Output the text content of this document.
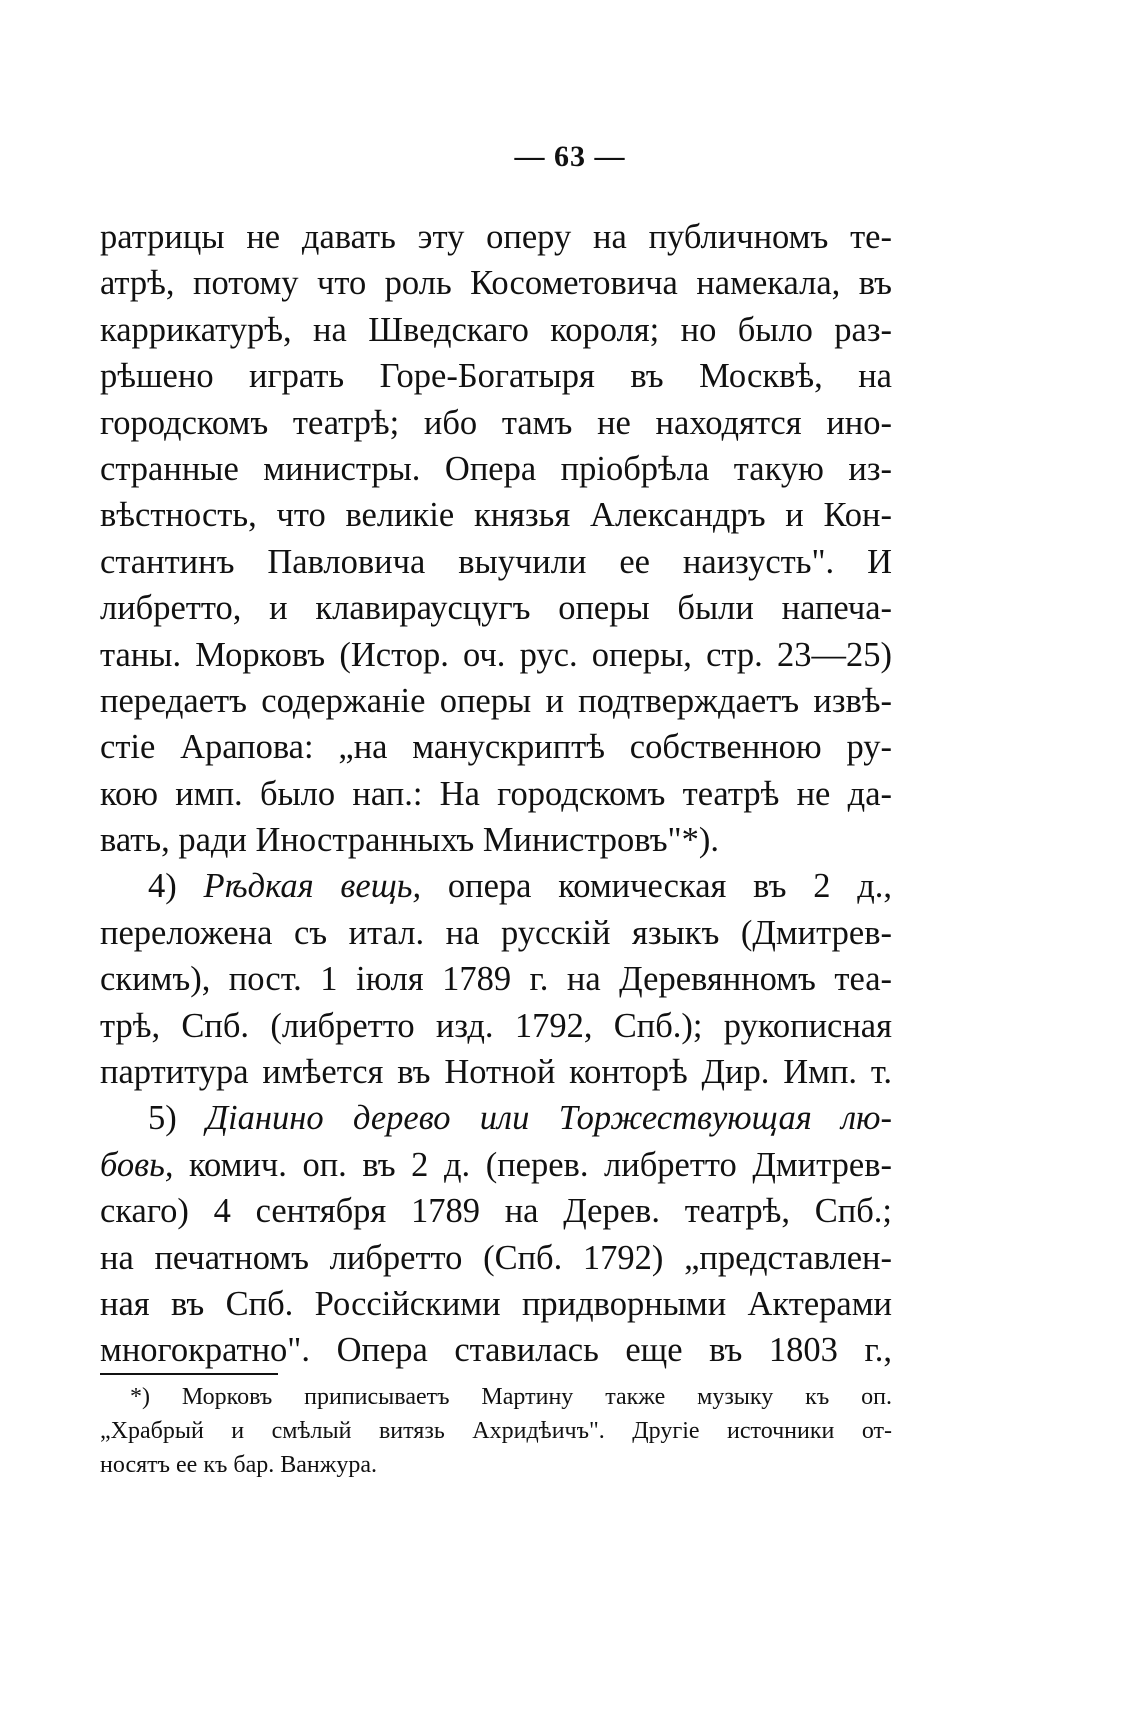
— 63 —
ратрицы не давать эту оперу на публичномъ те-
атрѣ, потому что роль Косометовича намекала, въ
каррикатурѣ, на Шведскаго короля; но было раз-
рѣшено играть Горе-Богатыря въ Москвѣ, на
городскомъ театрѣ; ибо тамъ не находятся ино-
странные министры. Опера пріобрѣла такую из-
вѣстность, что великіе князья Александръ и Кон-
стантинъ Павловича выучили ее наизусть". И
либретто, и клавираусцугъ оперы были напеча-
таны. Морковъ (Истор. оч. рус. оперы, стр. 23—25)
передаетъ содержаніе оперы и подтверждаетъ извѣ-
стіе Арапова: „на манускриптѣ собственною ру-
кою имп. было нап.: На городскомъ театрѣ не да-
вать, ради Иностранныхъ Министровъ"*).
4) Рѣдкая вещь, опера комическая въ 2 д.,
переложена съ итал. на русскій языкъ (Дмитрев-
скимъ), пост. 1 іюля 1789 г. на Деревянномъ теа-
трѣ, Спб. (либретто изд. 1792, Спб.); рукописная
партитура имѣется въ Нотной конторѣ Дир. Имп. т.
5) Діанино дерево или Торжествующая лю-
бовь, комич. оп. въ 2 д. (перев. либретто Дмитрев-
скаго) 4 сентября 1789 на Дерев. театрѣ, Спб.;
на печатномъ либретто (Спб. 1792) „представлен-
ная въ Спб. Россійскими придворными Актерами
многократно". Опера ставилась еще въ 1803 г.,
*) Морковъ приписываетъ Мартину также музыку къ оп.
„Храбрый и смѣлый витязь Ахридѣичъ". Другіе источники от-
носятъ ее къ бар. Ванжура.
